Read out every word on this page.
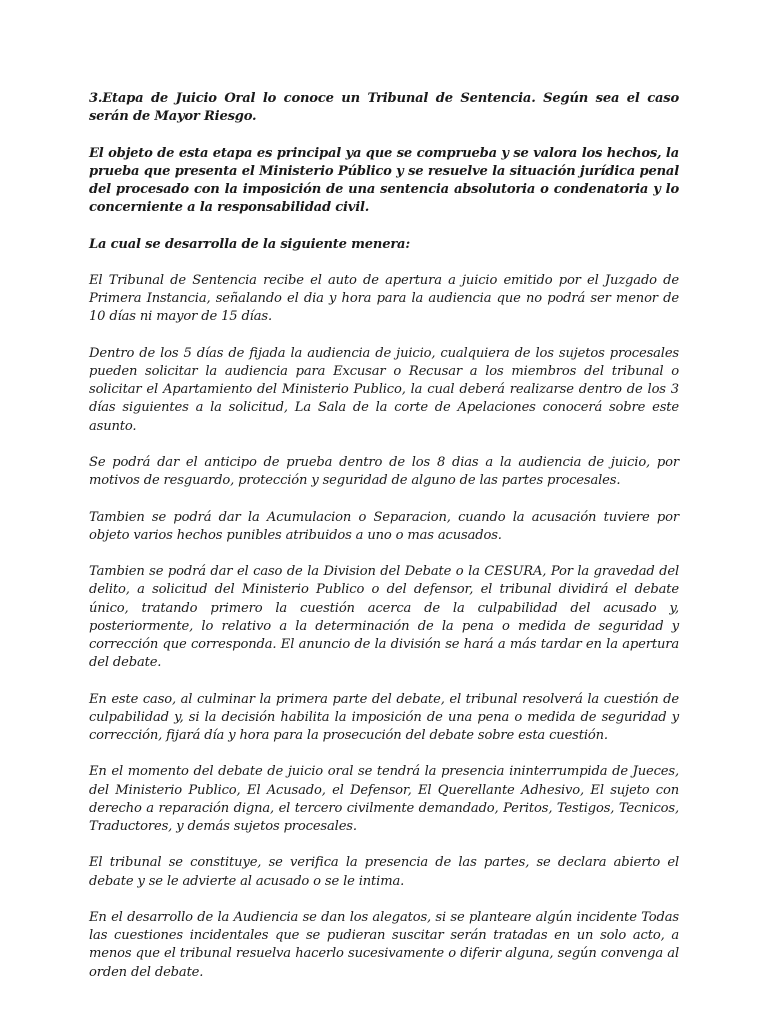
3.Etapa de Juicio Oral lo conoce un Tribunal de Sentencia. Según sea el caso serán de Mayor Riesgo.

El objeto de esta etapa es principal ya que se comprueba y se valora los hechos, la prueba que presenta el Ministerio Público y se resuelve la situación jurídica penal del procesado con la imposición de una sentencia absolutoria o condenatoria y lo concerniente a la responsabilidad civil.

La cual se desarrolla de la siguiente menera:

El Tribunal de Sentencia recibe el auto de apertura a juicio emitido por el Juzgado de Primera Instancia, señalando el dia y hora para la audiencia que no podrá ser menor de 10 días ni mayor de 15 días.

Dentro de los 5 días de fijada la audiencia de juicio, cualquiera de los sujetos procesales pueden solicitar la audiencia para Excusar o Recusar a los miembros del tribunal o solicitar el Apartamiento del Ministerio Publico, la cual deberá realizarse dentro de los 3 días siguientes a la solicitud, La Sala de la corte de Apelaciones conocerá sobre este asunto.

Se podrá dar el anticipo de prueba dentro de los 8 dias a la audiencia de juicio, por motivos de resguardo, protección y seguridad de alguno de las partes procesales.

Tambien se podrá dar la Acumulacion o Separacion, cuando la acusación tuviere por objeto varios hechos punibles atribuidos a uno o mas acusados.

Tambien se podrá dar el caso de la Division del Debate o la CESURA, Por la gravedad del delito, a solicitud del Ministerio Publico o del defensor, el tribunal dividirá el debate único, tratando primero la cuestión acerca de la culpabilidad del acusado y, posteriormente, lo relativo a la determinación de la pena o medida de seguridad y corrección que corresponda. El anuncio de la división se hará a más tardar en la apertura del debate.

En este caso, al culminar la primera parte del debate, el tribunal resolverá la cuestión de culpabilidad y, si la decisión habilita la imposición de una pena o medida de seguridad y corrección, fijará día y hora para la prosecución del debate sobre esta cuestión.

En el momento del debate de juicio oral se tendrá la presencia ininterrumpida de Jueces, del Ministerio Publico, El Acusado, el Defensor, El Querellante Adhesivo, El sujeto con derecho a reparación digna, el tercero civilmente demandado, Peritos, Testigos, Tecnicos, Traductores, y demás sujetos procesales.

El tribunal se constituye, se verifica la presencia de las partes, se declara abierto el debate y se le advierte al acusado o se le intima.

En el desarrollo de la Audiencia se dan los alegatos, si se planteare algún incidente Todas las cuestiones incidentales que se pudieran suscitar serán tratadas en un solo acto, a menos que el tribunal resuelva hacerlo sucesivamente o diferir alguna, según convenga al orden del debate.
